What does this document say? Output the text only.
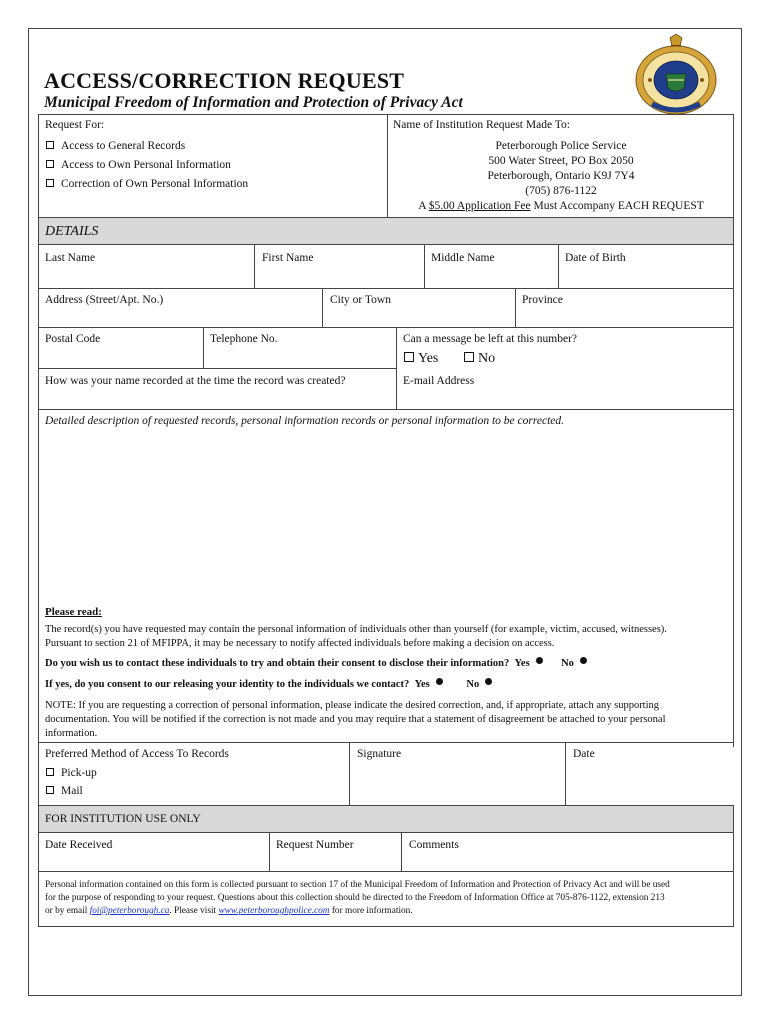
ACCESS/CORRECTION REQUEST
Municipal Freedom of Information and Protection of Privacy Act
Request For:
Access to General Records
Access to Own Personal Information
Correction of Own Personal Information
Name of Institution Request Made To:
Peterborough Police Service
500 Water Street, PO Box 2050
Peterborough, Ontario K9J 7Y4
(705) 876-1122
A $5.00 Application Fee Must Accompany EACH REQUEST
DETAILS
Last Name	First Name	Middle Name	Date of Birth
Address (Street/Apt. No.)	City or Town	Province
Postal Code	Telephone No.	Can a message be left at this number?
Yes	No
How was your name recorded at the time the record was created?	E-mail Address
Detailed description of requested records, personal information records or personal information to be corrected.
Please read:
The record(s) you have requested may contain the personal information of individuals other than yourself (for example, victim, accused, witnesses).
Pursuant to section 21 of MFIPPA, it may be necessary to notify affected individuals before making a decision on access.
Do you wish us to contact these individuals to try and obtain their consent to disclose their information? Yes	No
If yes, do you consent to our releasing your identity to the individuals we contact? Yes	No
NOTE: If you are requesting a correction of personal information, please indicate the desired correction, and, if appropriate, attach any supporting
documentation. You will be notified if the correction is not made and you may require that a statement of disagreement be attached to your personal
information.
Preferred Method of Access To Records
Pick-up
Mail
Signature	Date
FOR INSTITUTION USE ONLY
Date Received	Request Number	Comments
Personal information contained on this form is collected pursuant to section 17 of the Municipal Freedom of Information and Protection of Privacy Act and will be used
for the purpose of responding to your request. Questions about this collection should be directed to the Freedom of Information Office at 705-876-1122, extension 213
or by email foi@peterborough.ca. Please visit www.peterboroughpolice.com for more information.
